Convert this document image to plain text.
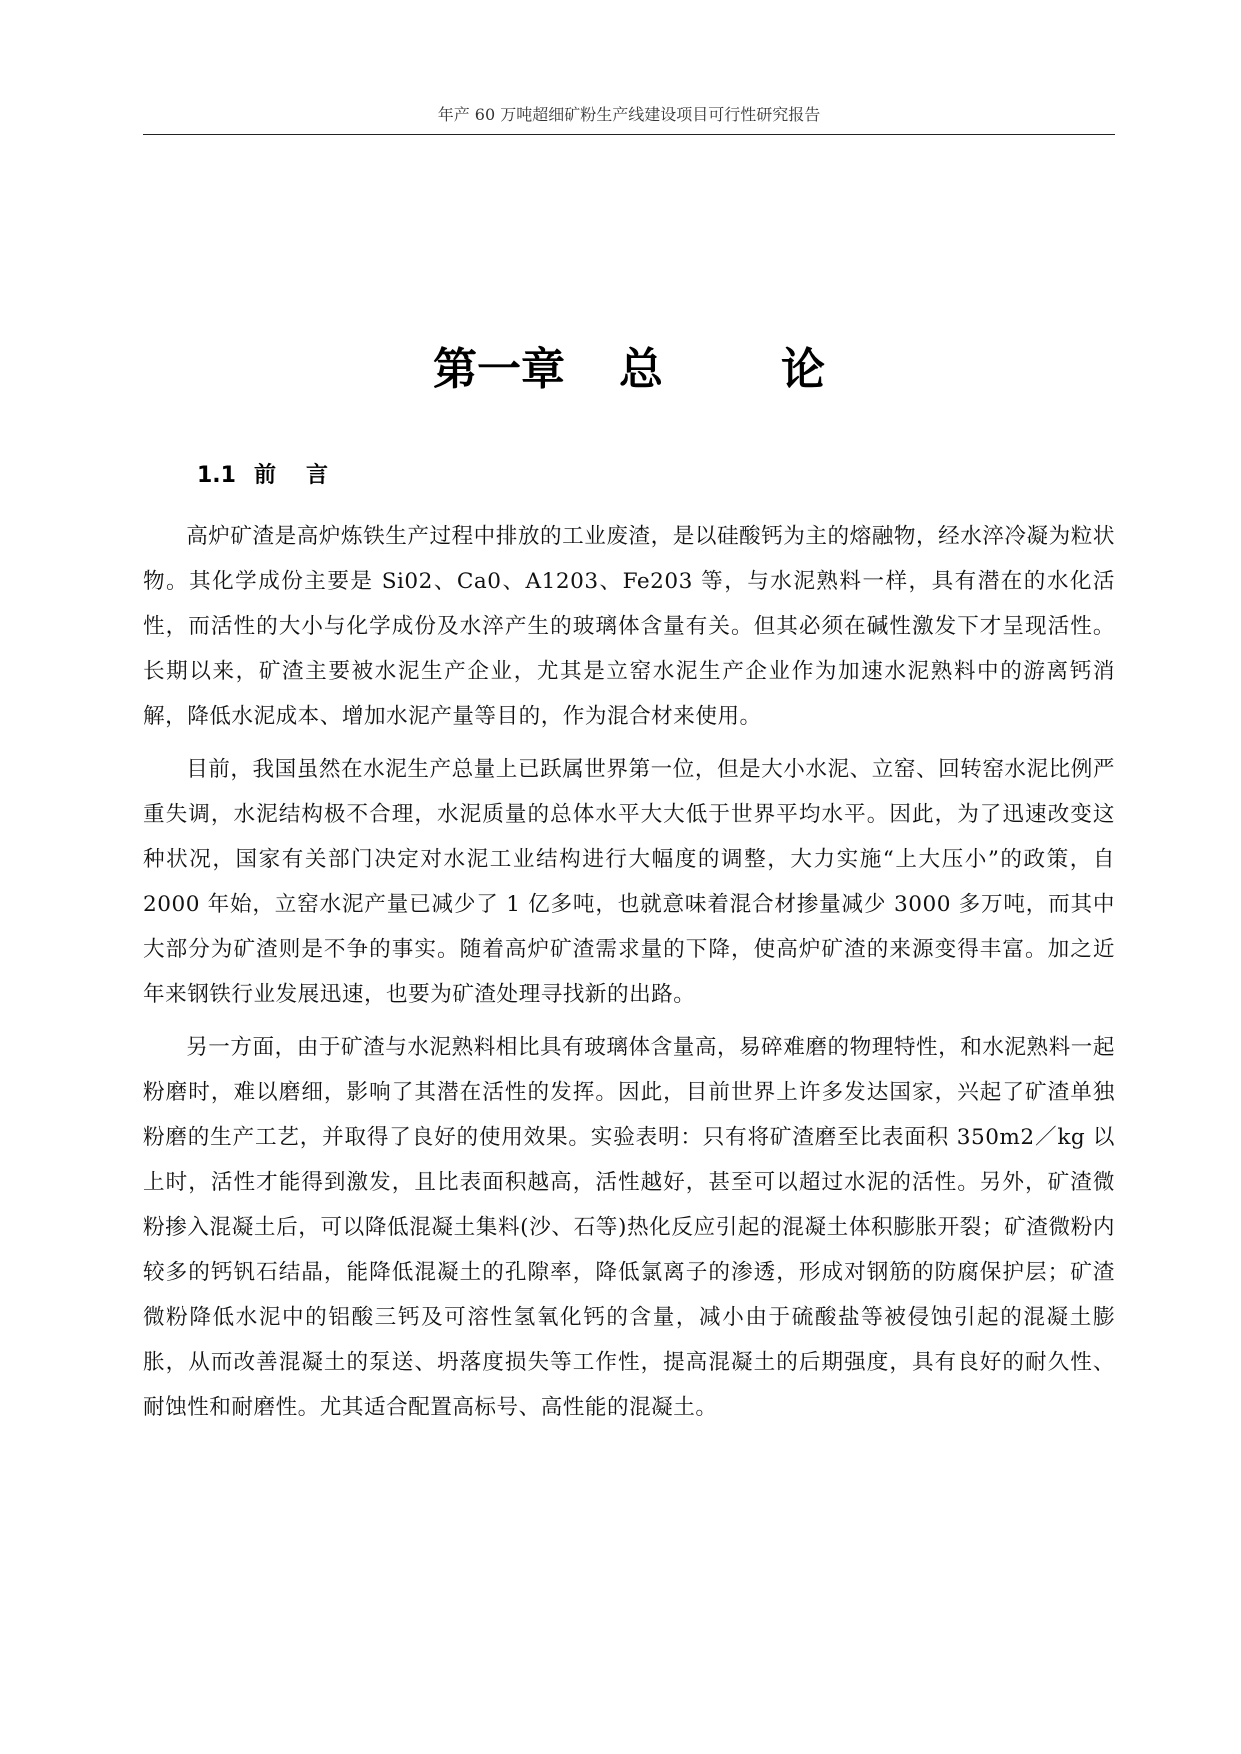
年产 60 万吨超细矿粉生产线建设项目可行性研究报告
第一章 总	论
1.1 前 言

高炉矿渣是高炉炼铁生产过程中排放的工业废渣，是以硅酸钙为主的熔融物，经水淬冷凝为粒状物。其化学成份主要是 Si02、Ca0、A1203、Fe203 等，与水泥熟料一样，具有潜在的水化活性，而活性的大小与化学成份及水淬产生的玻璃体含量有关。但其必须在碱性激发下才呈现活性。长期以来，矿渣主要被水泥生产企业，尤其是立窑水泥生产企业作为加速水泥熟料中的游离钙消解，降低水泥成本、增加水泥产量等目的，作为混合材来使用。

目前，我国虽然在水泥生产总量上已跃属世界第一位，但是大小水泥、立窑、回转窑水泥比例严重失调，水泥结构极不合理，水泥质量的总体水平大大低于世界平均水平。因此，为了迅速改变这种状况，国家有关部门决定对水泥工业结构进行大幅度的调整，大力实施“上大压小”的政策，自 2000 年始，立窑水泥产量已减少了 1 亿多吨，也就意味着混合材掺量减少 3000 多万吨，而其中大部分为矿渣则是不争的事实。随着高炉矿渣需求量的下降，使高炉矿渣的来源变得丰富。加之近年来钢铁行业发展迅速，也要为矿渣处理寻找新的出路。

另一方面，由于矿渣与水泥熟料相比具有玻璃体含量高，易碎难磨的物理特性，和水泥熟料一起粉磨时，难以磨细，影响了其潜在活性的发挥。因此，目前世界上许多发达国家，兴起了矿渣单独粉磨的生产工艺，并取得了良好的使用效果。实验表明：只有将矿渣磨至比表面积 350m2／kg 以上时，活性才能得到激发，且比表面积越高，活性越好，甚至可以超过水泥的活性。另外，矿渣微粉掺入混凝土后，可以降低混凝土集料(沙、石等)热化反应引起的混凝土体积膨胀开裂；矿渣微粉内较多的钙钒石结晶，能降低混凝土的孔隙率，降低氯离子的渗透，形成对钢筋的防腐保护层；矿渣微粉降低水泥中的铝酸三钙及可溶性氢氧化钙的含量，减小由于硫酸盐等被侵蚀引起的混凝土膨胀，从而改善混凝土的泵送、坍落度损失等工作性，提高混凝土的后期强度，具有良好的耐久性、耐蚀性和耐磨性。尤其适合配置高标号、高性能的混凝土。
